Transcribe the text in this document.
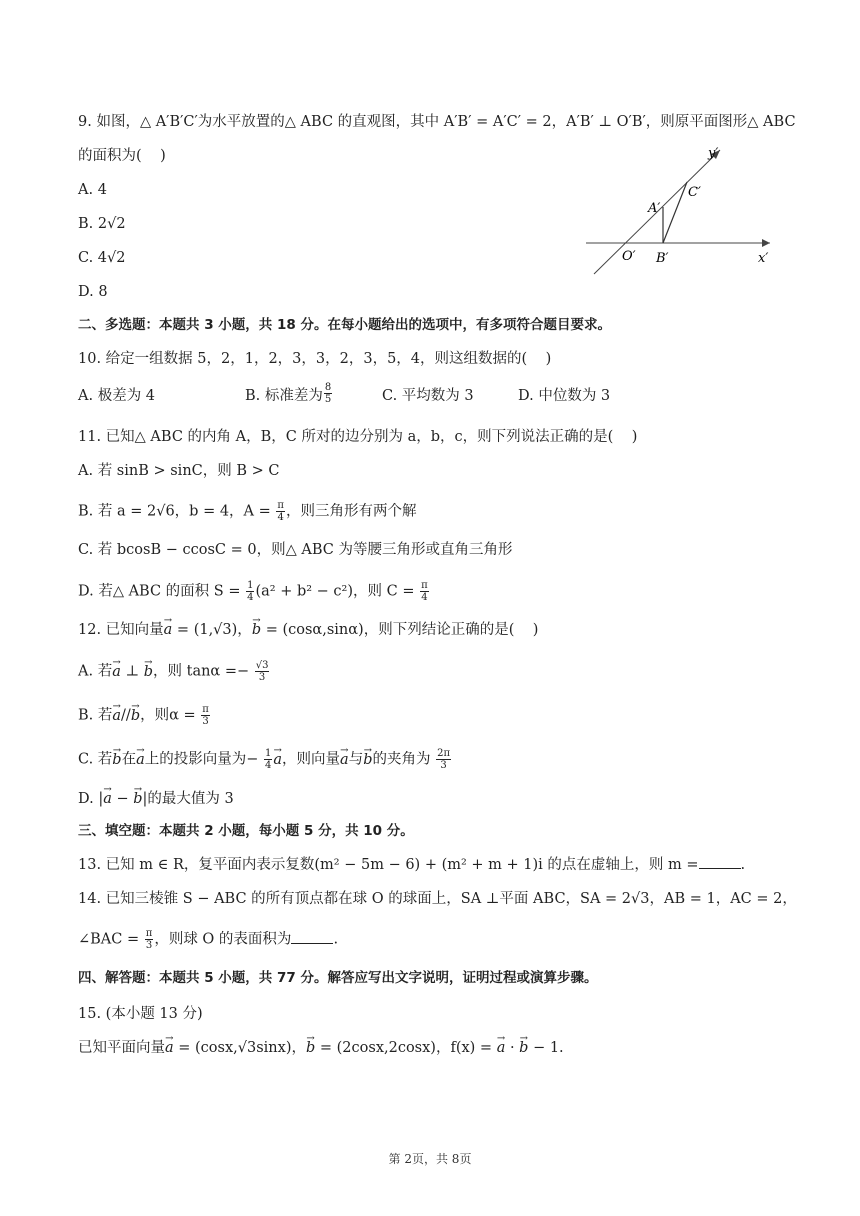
9. 如图，△ A′B′C′为水平放置的△ ABC 的直观图，其中 A′B′ = A′C′ = 2，A′B′ ⊥ O′B′，则原平面图形△ ABC
的面积为(    )
A. 4
B. 2√2
C. 4√2
D. 8
y′
x′
O′
A′
B′
C′
二、多选题：本题共 3 小题，共 18 分。在每小题给出的选项中，有多项符合题目要求。
10. 给定一组数据 5，2，1，2，3，3，2，3，5，4，则这组数据的(    )
A. 极差为 4	B. 标准差为 $\frac{8}{5}$	C. 平均数为 3	D. 中位数为 3
11. 已知△ ABC 的内角 A，B，C 所对的边分别为 a，b，c，则下列说法正确的是(    )
A. 若 sinB > sinC，则 B > C
B. 若 a = 2√6，b = 4，$A = \frac{\pi}{4}$ ，则三角形有两个解
C. 若 bcosB − ccosC = 0，则△ ABC 为等腰三角形或直角三角形
D. 若△ ABC 的面积 $S = \frac{1}{4} (a^2 + b^2 - c^2)$，则 $C = \frac{\pi}{4}$
12. 已知向量→ a = (1,√3)，→ b = (cosα,sinα)，则下列结论正确的是(    )
A. 若→ a ⊥ → b，则 $\tan\alpha =- \frac{√3}{3}$
B. 若→ a//→ b，则$\alpha = \frac{\pi}{3}$
C. 若→ b在→ a上的投影向量为− $\frac{1}{4}$
→ a，则向量→ a与→ b的夹角为 $\frac{2\pi}{3}$
D. |→ a − → b|的最大值为 3
三、填空题：本题共 2 小题，每小题 5 分，共 10 分。
13. 已知 m ∈ R，复平面内表示复数(m² − 5m − 6) + (m² + m + 1)i 的点在虚轴上，则 m =	.
14. 已知三棱锥 S − ABC 的所有顶点都在球 O 的球面上，SA ⊥平面 ABC，SA = 2√3，AB = 1，AC = 2，
∠BAC = $\frac{\pi}{3}$ ，则球 O 的表面积为	.
四、解答题：本题共 5 小题，共 77 分。解答应写出文字说明，证明过程或演算步骤。
15. (本小题 13 分)
已知平面向量→ a = (cosx,√3sinx)，→ b = (2cosx,2cosx)，f(x) = → a · → b − 1.
第 2页，共 8页
